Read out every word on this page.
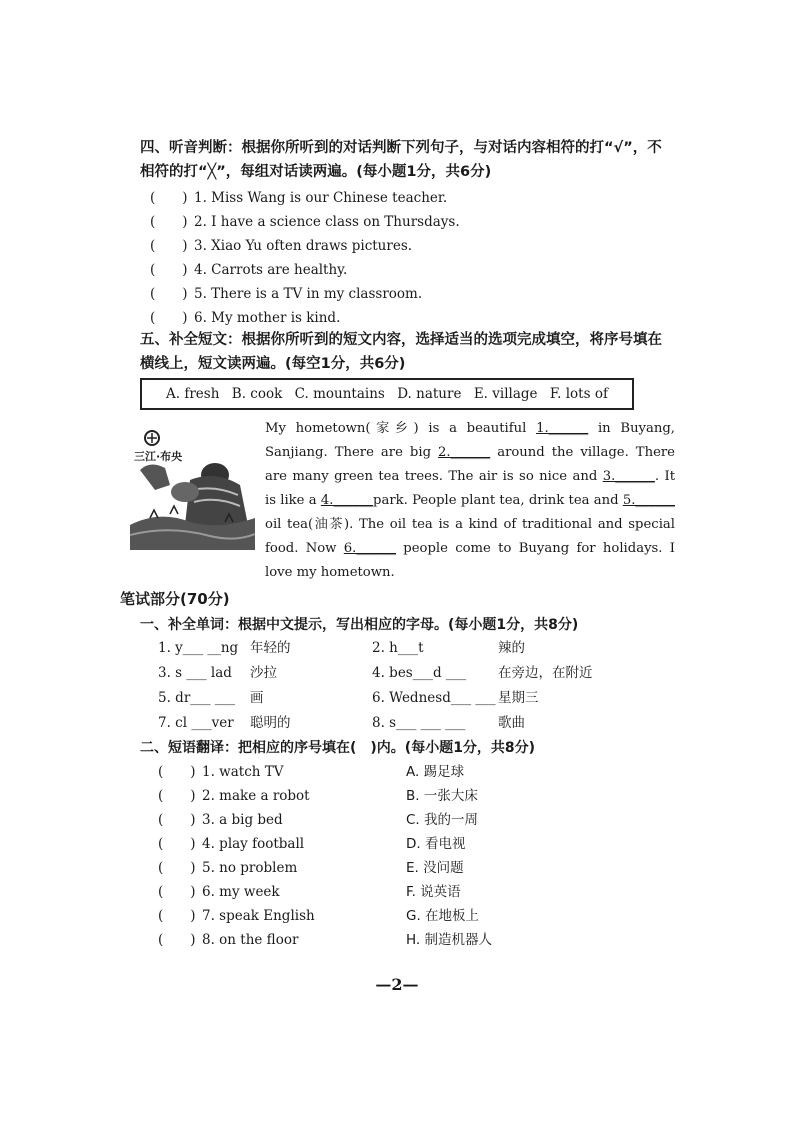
四、听音判断：根据你所听到的对话判断下列句子，与对话内容相符的打“√”，不相符的打“╳”，每组对话读两遍。(每小题1分，共6分)
(　　) 1. Miss Wang is our Chinese teacher.
(　　) 2. I have a science class on Thursdays.
(　　) 3. Xiao Yu often draws pictures.
(　　) 4. Carrots are healthy.
(　　) 5. There is a TV in my classroom.
(　　) 6. My mother is kind.
五、补全短文：根据你所听到的短文内容，选择适当的选项完成填空，将序号填在横线上，短文读两遍。(每空1分，共6分)
A. fresh B. cook C. mountains D. nature E. village F. lots of
三江·布央
My hometown(家乡) is a beautiful 1.______ in Buyang, Sanjiang. There are big 2.______ around the village. There are many green tea trees. The air is so nice and 3.______. It is like a 4.______park. People plant tea, drink tea and 5.______ oil tea(油茶). The oil tea is a kind of traditional and special food. Now 6.______ people come to Buyang for holidays. I love my hometown.
笔试部分(70分)
一、补全单词：根据中文提示，写出相应的字母。(每小题1分，共8分)
1. y___ __ng 年轻的	2. h___t	辣的
3. s ___ lad 沙拉	4. bes___d ___ 在旁边，在附近
5. dr___ ___ 画	6. Wednesd___ ___ 星期三
7. cl ___ver 聪明的	8. s___ ___ ___ 歌曲
二、短语翻译：把相应的序号填在(　)内。(每小题1分，共8分)
(　　) 1. watch TV	A. 踢足球
(　　) 2. make a robot	B. 一张大床
(　　) 3. a big bed	C. 我的一周
(　　) 4. play football	D. 看电视
(　　) 5. no problem	E. 没问题
(　　) 6. my week	F. 说英语
(　　) 7. speak English	G. 在地板上
(　　) 8. on the floor	H. 制造机器人
—2—
